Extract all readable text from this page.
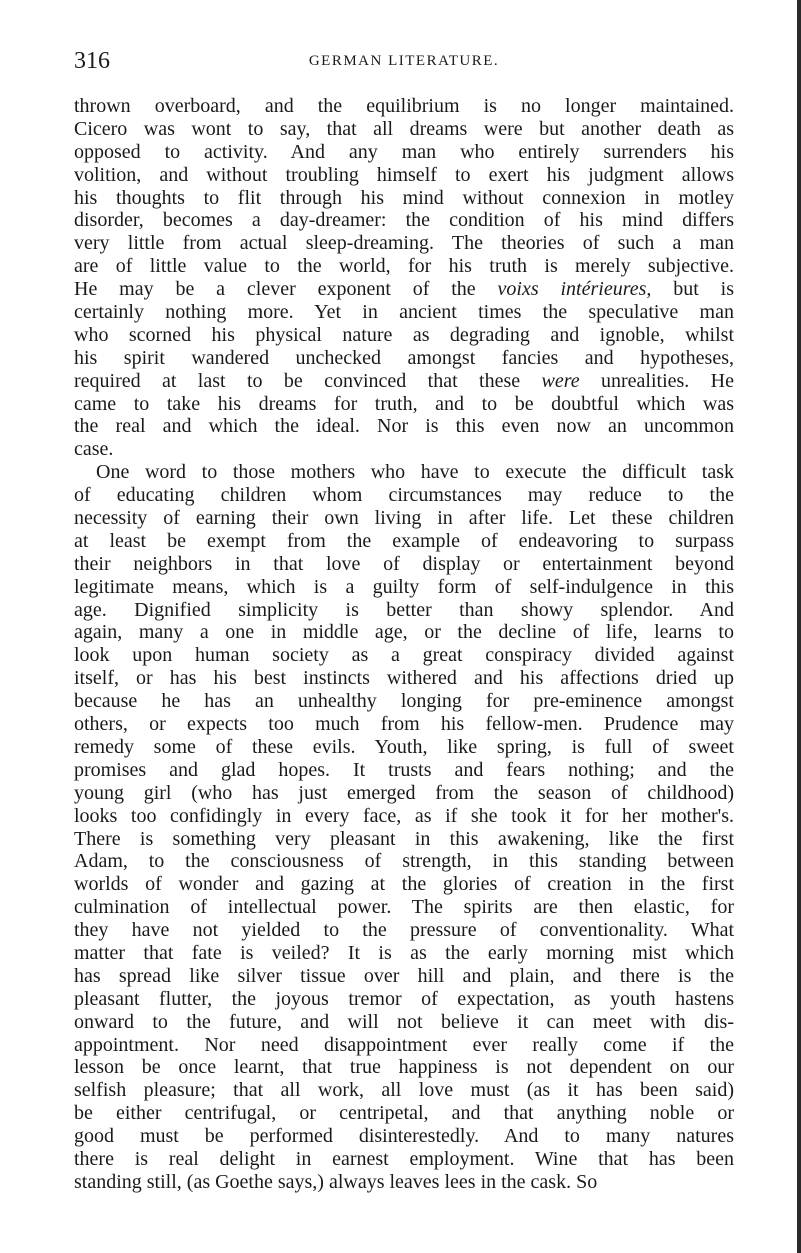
316	GERMAN LITERATURE.
thrown overboard, and the equilibrium is no longer maintained.
Cicero was wont to say, that all dreams were but another death as
opposed to activity. And any man who entirely surrenders his
volition, and without troubling himself to exert his judgment allows
his thoughts to flit through his mind without connexion in motley
disorder, becomes a day-dreamer: the condition of his mind differs
very little from actual sleep-dreaming. The theories of such a man
are of little value to the world, for his truth is merely subjective.
He may be a clever exponent of the voixs intérieures, but is
certainly nothing more. Yet in ancient times the speculative man
who scorned his physical nature as degrading and ignoble, whilst
his spirit wandered unchecked amongst fancies and hypotheses,
required at last to be convinced that these were unrealities. He
came to take his dreams for truth, and to be doubtful which was
the real and which the ideal. Nor is this even now an uncommon
case.
One word to those mothers who have to execute the difficult task
of educating children whom circumstances may reduce to the
necessity of earning their own living in after life. Let these children
at least be exempt from the example of endeavoring to surpass
their neighbors in that love of display or entertainment beyond
legitimate means, which is a guilty form of self-indulgence in this
age. Dignified simplicity is better than showy splendor. And
again, many a one in middle age, or the decline of life, learns to
look upon human society as a great conspiracy divided against
itself, or has his best instincts withered and his affections dried up
because he has an unhealthy longing for pre-eminence amongst
others, or expects too much from his fellow-men. Prudence may
remedy some of these evils. Youth, like spring, is full of sweet
promises and glad hopes. It trusts and fears nothing; and the
young girl (who has just emerged from the season of childhood)
looks too confidingly in every face, as if she took it for her mother's.
There is something very pleasant in this awakening, like the first
Adam, to the consciousness of strength, in this standing between
worlds of wonder and gazing at the glories of creation in the first
culmination of intellectual power. The spirits are then elastic, for
they have not yielded to the pressure of conventionality. What
matter that fate is veiled? It is as the early morning mist which
has spread like silver tissue over hill and plain, and there is the
pleasant flutter, the joyous tremor of expectation, as youth hastens
onward to the future, and will not believe it can meet with dis-
appointment. Nor need disappointment ever really come if the
lesson be once learnt, that true happiness is not dependent on our
selfish pleasure; that all work, all love must (as it has been said)
be either centrifugal, or centripetal, and that anything noble or
good must be performed disinterestedly. And to many natures
there is real delight in earnest employment. Wine that has been
standing still, (as Goethe says,) always leaves lees in the cask. So
